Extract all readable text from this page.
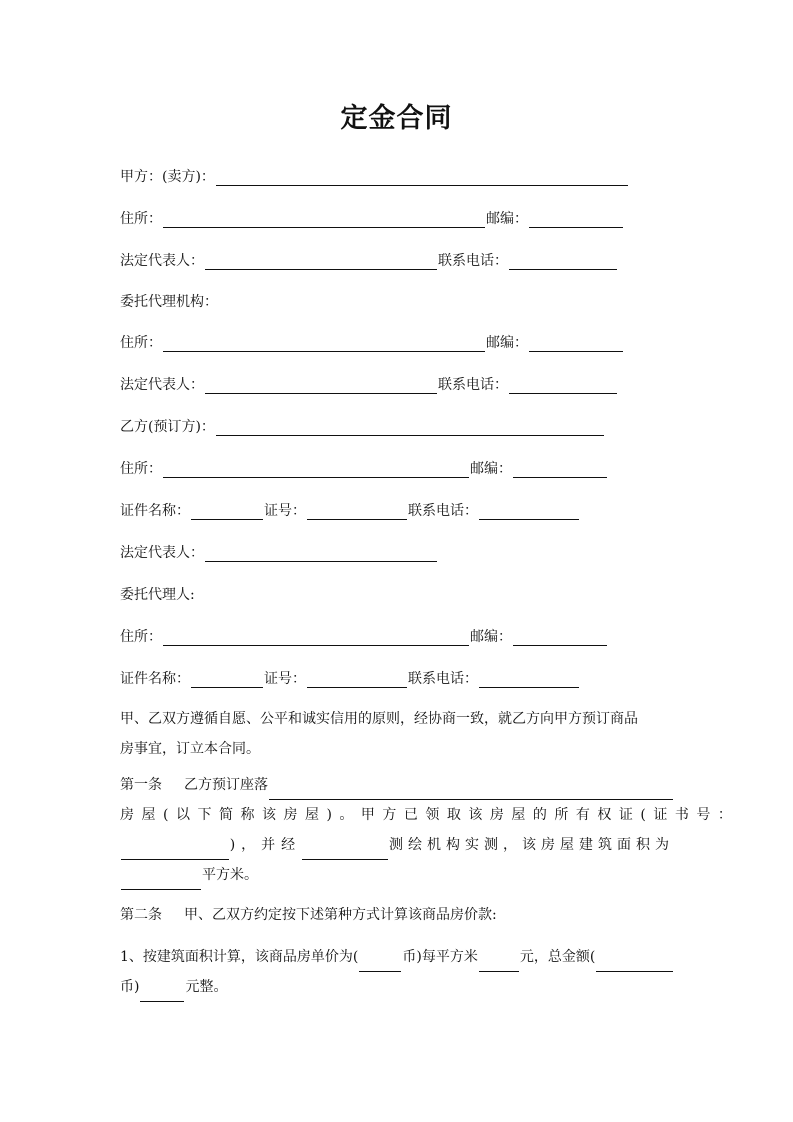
定金合同
甲方：(卖方)：
住所：	邮编：
法定代表人：	联系电话：
委托代理机构：
住所：	邮编：
法定代表人：	联系电话：
乙方(预订方)：
住所：	邮编：
证件名称：	证号：	联系电话：
法定代表人：
委托代理人:
住所：	邮编：
证件名称：	证号：	联系电话：
甲、乙双方遵循自愿、公平和诚实信用的原则，经协商一致，就乙方向甲方预订商品
房事宜，订立本合同。
第一条 乙方预订座落
房屋(以下简称该房屋)。甲方已领取该房屋的所有权证(证书号：
)，并经	测绘机构实测，该房屋建筑面积为
平方米。
第二条 甲、乙双方约定按下述第种方式计算该商品房价款:
1、按建筑面积计算，该商品房单价为(	币)每平方米	元，总金额(
币)	元整。
